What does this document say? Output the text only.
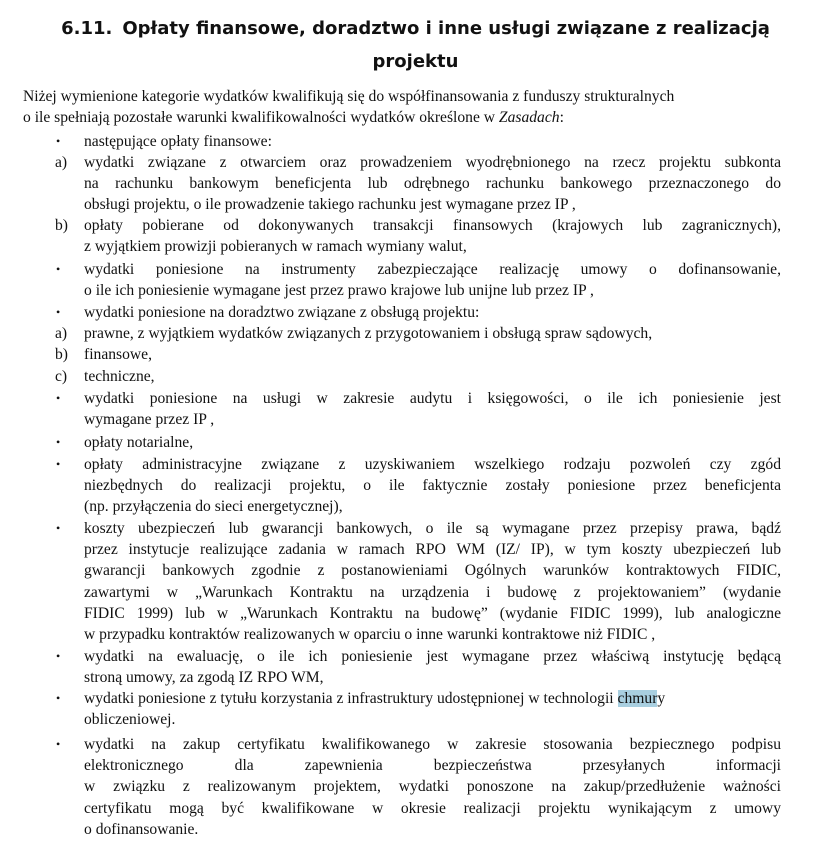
6.11. Opłaty finansowe, doradztwo i inne usługi związane z realizacją
projektu

Niżej wymienione kategorie wydatków kwalifikują się do współfinansowania z funduszy strukturalnych
o ile spełniają pozostałe warunki kwalifikowalności wydatków określone w Zasadach:

•	następujące opłaty finansowe:
a)	wydatki związane z otwarciem oraz prowadzeniem wyodrębnionego na rzecz projektu subkonta
na rachunku bankowym beneficjenta lub odrębnego rachunku bankowego przeznaczonego do
obsługi projektu, o ile prowadzenie takiego rachunku jest wymagane przez IP ,
b)	opłaty pobierane od dokonywanych transakcji finansowych (krajowych lub zagranicznych),
z wyjątkiem prowizji pobieranych w ramach wymiany walut,
•	wydatki poniesione na instrumenty zabezpieczające realizację umowy o dofinansowanie,
o ile ich poniesienie wymagane jest przez prawo krajowe lub unijne lub przez IP ,
•	wydatki poniesione na doradztwo związane z obsługą projektu:
a)	prawne, z wyjątkiem wydatków związanych z przygotowaniem i obsługą spraw sądowych,
b)	finansowe,
c)	techniczne,
•	wydatki poniesione na usługi w zakresie audytu i księgowości, o ile ich poniesienie jest
wymagane przez IP ,
•	opłaty notarialne,
•	opłaty administracyjne związane z uzyskiwaniem wszelkiego rodzaju pozwoleń czy zgód
niezbędnych do realizacji projektu, o ile faktycznie zostały poniesione przez beneficjenta
(np. przyłączenia do sieci energetycznej),
•	koszty ubezpieczeń lub gwarancji bankowych, o ile są wymagane przez przepisy prawa, bądź
przez instytucje realizujące zadania w ramach RPO WM (IZ/ IP), w tym koszty ubezpieczeń lub
gwarancji bankowych zgodnie z postanowieniami Ogólnych warunków kontraktowych FIDIC,
zawartymi w „Warunkach Kontraktu na urządzenia i budowę z projektowaniem” (wydanie
FIDIC 1999) lub w „Warunkach Kontraktu na budowę” (wydanie FIDIC 1999), lub analogiczne
w przypadku kontraktów realizowanych w oparciu o inne warunki kontraktowe niż FIDIC ,
•	wydatki na ewaluację, o ile ich poniesienie jest wymagane przez właściwą instytucję będącą
stroną umowy, za zgodą IZ RPO WM,
•	wydatki poniesione z tytułu korzystania z infrastruktury udostępnionej w technologii chmury
obliczeniowej.
•	wydatki na zakup certyfikatu kwalifikowanego w zakresie stosowania bezpiecznego podpisu
elektronicznego dla zapewnienia bezpieczeństwa przesyłanych informacji
w związku z realizowanym projektem, wydatki ponoszone na zakup/przedłużenie ważności
certyfikatu mogą być kwalifikowane w okresie realizacji projektu wynikającym z umowy
o dofinansowanie.
